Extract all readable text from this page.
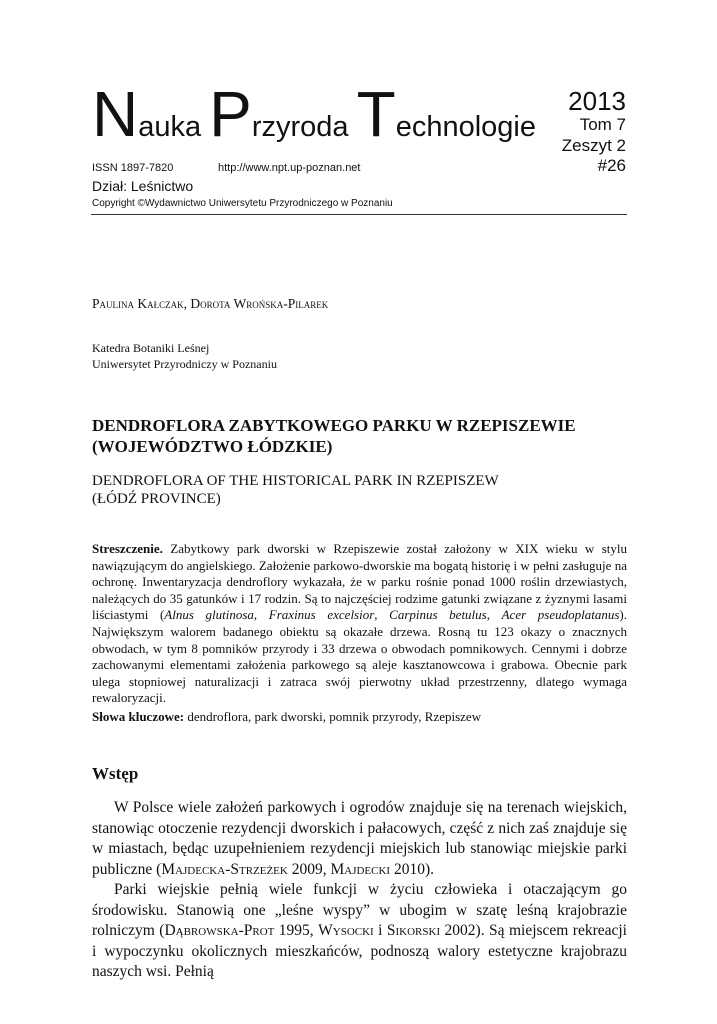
Nauka Przyroda Technologie
2013
Tom 7
Zeszyt 2
#26
ISSN 1897-7820	http://www.npt.up-poznan.net
Dział: Leśnictwo
Copyright ©Wydawnictwo Uniwersytetu Przyrodniczego w Poznaniu
Paulina Kałczak, Dorota Wrońska-Pilarek
Katedra Botaniki Leśnej
Uniwersytet Przyrodniczy w Poznaniu
DENDROFLORA ZABYTKOWEGO PARKU W RZEPISZEWIE
(WOJEWÓDZTWO ŁÓDZKIE)
DENDROFLORA OF THE HISTORICAL PARK IN RZEPISZEW
(ŁÓDŹ PROVINCE)
Streszczenie. Zabytkowy park dworski w Rzepiszewie został założony w XIX wieku w stylu nawiązującym do angielskiego. Założenie parkowo-dworskie ma bogatą historię i w pełni zasługuje na ochronę. Inwentaryzacja dendroflory wykazała, że w parku rośnie ponad 1000 roślin drzewiastych, należących do 35 gatunków i 17 rodzin. Są to najczęściej rodzime gatunki związane z żyznymi lasami liściastymi (Alnus glutinosa, Fraxinus excelsior, Carpinus betulus, Acer pseudoplatanus). Największym walorem badanego obiektu są okazałe drzewa. Rosną tu 123 okazy o znacznych obwodach, w tym 8 pomników przyrody i 33 drzewa o obwodach pomnikowych. Cennymi i dobrze zachowanymi elementami założenia parkowego są aleje kasztanowcowa i grabowa. Obecnie park ulega stopniowej naturalizacji i zatraca swój pierwotny układ przestrzenny, dlatego wymaga rewaloryzacji.
Słowa kluczowe: dendroflora, park dworski, pomnik przyrody, Rzepiszew
Wstęp

W Polsce wiele założeń parkowych i ogrodów znajduje się na terenach wiejskich, stanowiąc otoczenie rezydencji dworskich i pałacowych, część z nich zaś znajduje się w miastach, będąc uzupełnieniem rezydencji miejskich lub stanowiąc miejskie parki publiczne (Majdecka-Strzeżek 2009, Majdecki 2010).

Parki wiejskie pełnią wiele funkcji w życiu człowieka i otaczającym go środowisku. Stanowią one „leśne wyspy” w ubogim w szatę leśną krajobrazie rolniczym (Dąbrowska-Prot 1995, Wysocki i Sikorski 2002). Są miejscem rekreacji i wypoczynku okolicznych mieszkańców, podnoszą walory estetyczne krajobrazu naszych wsi. Pełnią
